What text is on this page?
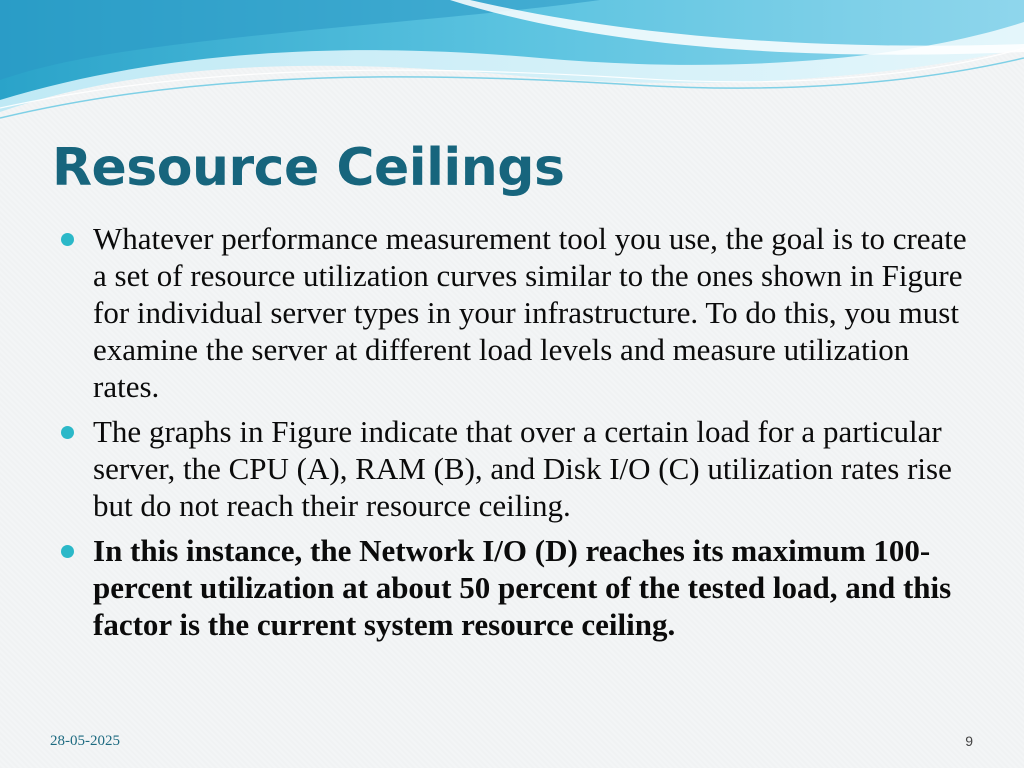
Resource Ceilings
Whatever performance measurement tool you use, the goal is to create a set of resource utilization curves similar to the ones shown in Figure for individual server types in your infrastructure. To do this, you must examine the server at different load levels and measure utilization rates.
The graphs in Figure indicate that over a certain load for a particular server, the CPU (A), RAM (B), and Disk I/O (C) utilization rates rise but do not reach their resource ceiling.
In this instance, the Network I/O (D) reaches its maximum 100-percent utilization at about 50 percent of the tested load, and this factor is the current system resource ceiling.
28-05-2025	9
